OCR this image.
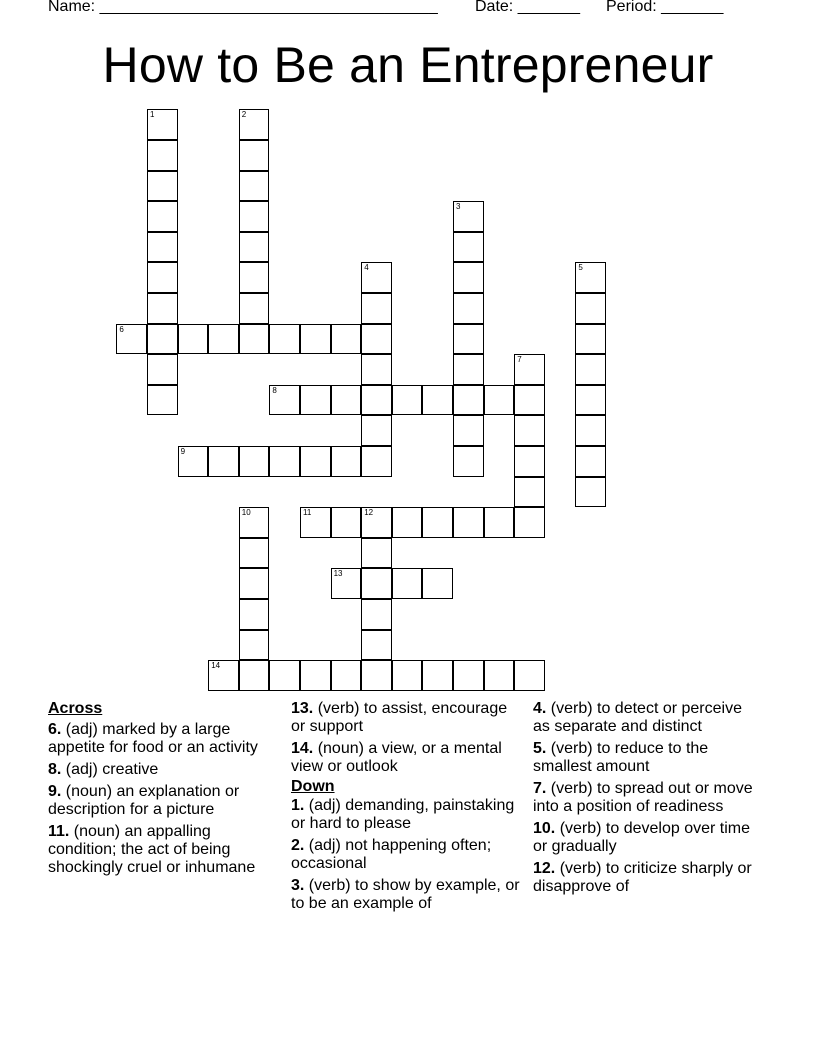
Name: ______________________________________ Date: _______ Period: _______
How to Be an Entrepreneur
1	2
3
4	5
6
7
8
9
10	11	12
13
14
Across
6. (adj) marked by a large appetite for food or an activity
8. (adj) creative
9. (noun) an explanation or description for a picture
11. (noun) an appalling condition; the act of being shockingly cruel or inhumane
13. (verb) to assist, encourage or support
14. (noun) a view, or a mental view or outlook
Down
1. (adj) demanding, painstaking or hard to please
2. (adj) not happening often; occasional
3. (verb) to show by example, or to be an example of
4. (verb) to detect or perceive as separate and distinct
5. (verb) to reduce to the smallest amount
7. (verb) to spread out or move into a position of readiness
10. (verb) to develop over time or gradually
12. (verb) to criticize sharply or disapprove of
